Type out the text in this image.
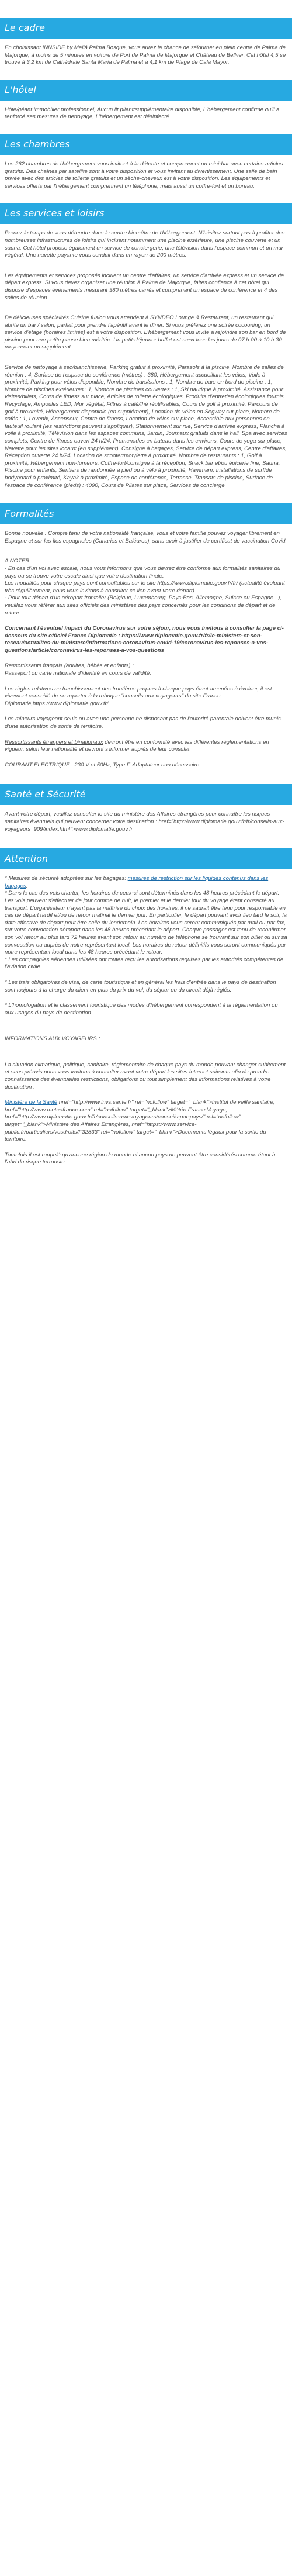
Le cadre

En choisissant INNSIDE by Meliá Palma Bosque, vous aurez la chance de séjourner en plein centre de Palma de Majorque, à moins de 5 minutes en voiture de Port de Palma de Majorque et Château de Bellver. Cet hôtel 4,5 se trouve à 3,2 km de Cathédrale Santa Maria de Palma et à 4,1 km de Plage de Cala Mayor.

L'hôtel

Hôte/géant immobilier professionnel, Aucun lit pliant/supplémentaire disponible, L'hébergement confirme qu'il a renforcé ses mesures de nettoyage, L'hébergement est désinfecté.

Les chambres

Les 262 chambres de l'hébergement vous invitent à la détente et comprennent un mini-bar avec certains articles gratuits. Des chaînes par satellite sont à votre disposition et vous invitent au divertissement. Une salle de bain privée avec des articles de toilette gratuits et un sèche-cheveux est à votre disposition. Les équipements et services offerts par l'hébergement comprennent un téléphone, mais aussi un coffre-fort et un bureau.

Les services et loisirs

Prenez le temps de vous détendre dans le centre bien-être de l'hébergement. N'hésitez surtout pas à profiter des nombreuses infrastructures de loisirs qui incluent notamment une piscine extérieure, une piscine couverte et un sauna. Cet hôtel propose également un service de conciergerie, une télévision dans l'espace commun et un mur végétal. Une navette payante vous conduit dans un rayon de 200 mètres.

Les équipements et services proposés incluent un centre d'affaires, un service d'arrivée express et un service de départ express. Si vous devez organiser une réunion à Palma de Majorque, faites confiance à cet hôtel qui dispose d'espaces événements mesurant 380 mètres carrés et comprenant un espace de conférence et 4 des salles de réunion.

De délicieuses spécialités Cuisine fusion vous attendent à SYNDEO Lounge & Restaurant, un restaurant qui abrite un bar / salon, parfait pour prendre l'apéritif avant le dîner. Si vous préférez une soirée cocooning, un service d'étage (horaires limités) est à votre disposition. L'hébergement vous invite à rejoindre son bar en bord de piscine pour une petite pause bien méritée. Un petit-déjeuner buffet est servi tous les jours de 07 h 00 à 10 h 30 moyennant un supplément.

Service de nettoyage à sec/blanchisserie, Parking gratuit à proximité, Parasols à la piscine, Nombre de salles de réunion : 4, Surface de l'espace de conférence (mètres) : 380, Hébergement accueillant les vélos, Voile à proximité, Parking pour vélos disponible, Nombre de bars/salons : 1, Nombre de bars en bord de piscine : 1, Nombre de piscines extérieures : 1, Nombre de piscines couvertes : 1, Ski nautique à proximité, Assistance pour visites/billets, Cours de fitness sur place, Articles de toilette écologiques, Produits d'entretien écologiques fournis, Recyclage, Ampoules LED, Mur végétal, Filtres à café/thé réutilisables, Cours de golf à proximité, Parcours de golf à proximité, Hébergement disponible (en supplément), Location de vélos en Segway sur place, Nombre de cafés : 1, Lovenix, Ascenseur, Centre de fitness, Location de vélos sur place, Accessible aux personnes en fauteuil roulant (les restrictions peuvent s'appliquer), Stationnement sur rue, Service d'arrivée express, Plancha à voile à proximité, Télévision dans les espaces communs, Jardin, Journaux gratuits dans le hall, Spa avec services complets, Centre de fitness ouvert 24 h/24, Promenades en bateau dans les environs, Cours de yoga sur place, Navette pour les sites locaux (en supplément), Consigne à bagages, Service de départ express, Centre d'affaires, Réception ouverte 24 h/24, Location de scooter/motylette à proximité, Nombre de restaurants : 1, Golf à proximité, Hébergement non-fumeurs, Coffre-fort/consigne à la réception, Snack bar et/ou épicerie fine, Sauna, Piscine pour enfants, Sentiers de randonnée à pied ou à vélo à proximité, Hammam, Installations de surf/de bodyboard à proximité, Kayak à proximité, Espace de conférence, Terrasse, Transats de piscine, Surface de l'espace de conférence (pieds) : 4090, Cours de Pilates sur place, Services de concierge

Formalités

Bonne nouvelle : Compte tenu de votre nationalité française, vous et votre famille pouvez voyager librement en Espagne et sur les îles espagnoles (Canaries et Baléares), sans avoir à justifier de certificat de vaccination Covid.

A NOTER

- En cas d'un vol avec escale, nous vous informons que vous devrez être conforme aux formalités sanitaires du pays où se trouve votre escale ainsi que votre destination finale.

Les modalités pour chaque pays sont consultables sur le site https://www.diplomatie.gouv.fr/fr/ (actualité évoluant très régulièrement, nous vous invitons à consulter ce lien avant votre départ).

- Pour tout départ d'un aéroport frontalier (Belgique, Luxembourg, Pays-Bas, Allemagne, Suisse ou Espagne...), veuillez vous référer aux sites officiels des ministères des pays concernés pour les conditions de départ et de retour.

Concernant l'éventuel impact du Coronavirus sur votre séjour, nous vous invitons à consulter la page ci-dessous du site officiel France Diplomatie : https://www.diplomatie.gouv.fr/fr/le-ministere-et-son-reseau/actualites-du-ministere/informations-coronavirus-covid-19/coronavirus-les-reponses-a-vos-questions/article/coronavirus-les-reponses-a-vos-questions

Ressortissants français (adultes, bébés et enfants) :

Passeport ou carte nationale d'identité en cours de validité.

Les règles relatives au franchissement des frontières propres à chaque pays étant amenées à évoluer, il est vivement conseillé de se reporter à la rubrique "conseils aux voyageurs" du site France Diplomatie,https://www.diplomatie.gouv.fr/.

Les mineurs voyageant seuls ou avec une personne ne disposant pas de l'autorité parentale doivent être munis d'une autorisation de sortie de territoire.

Ressortissants étrangers et binationaux devront être en conformité avec les différentes réglementations en vigueur, selon leur nationalité et devront s'informer auprès de leur consulat.

COURANT ELECTRIQUE : 230 V et 50Hz, Type F. Adaptateur non nécessaire.

Santé et Sécurité

Avant votre départ, veuillez consulter le site du ministère des Affaires étrangères pour connaître les risques sanitaires éventuels qui peuvent concerner votre destination : href="http://www.diplomatie.gouv.fr/fr/conseils-aux-voyageurs_909/index.html">www.diplomatie.gouv.fr

Attention

* Mesures de sécurité adoptées sur les bagages: mesures de restriction sur les liquides contenus dans les bagages.

* Dans le cas des vols charter, les horaires de ceux-ci sont déterminés dans les 48 heures précédant le départ. Les vols peuvent s'effectuer de jour comme de nuit, le premier et le dernier jour du voyage étant consacré au transport. L'organisateur n'ayant pas la maîtrise du choix des horaires, il ne saurait être tenu pour responsable en cas de départ tardif et/ou de retour matinal le dernier jour. En particulier, le départ pouvant avoir lieu tard le soir, la date effective de départ peut être celle du lendemain. Les horaires vous seront communiqués par mail ou par fax, sur votre convocation aéroport dans les 48 heures précédant le départ. Chaque passager est tenu de reconfirmer son vol retour au plus tard 72 heures avant son retour au numéro de téléphone se trouvant sur son billet ou sur sa convocation ou auprès de notre représentant local. Les horaires de retour définitifs vous seront communiqués par notre représentant local dans les 48 heures précédant le retour.

* Les compagnies aériennes utilisées ont toutes reçu les autorisations requises par les autorités compétentes de l'aviation civile.

* Les frais obligatoires de visa, de carte touristique et en général les frais d'entrée dans le pays de destination sont toujours à la charge du client en plus du prix du vol, du séjour ou du circuit déjà réglés.

* L'homologation et le classement touristique des modes d'hébergement correspondent à la réglementation ou aux usages du pays de destination.

INFORMATIONS AUX VOYAGEURS :

La situation climatique, politique, sanitaire, réglementaire de chaque pays du monde pouvant changer subitement et sans préavis nous vous invitons à consulter avant votre départ les sites Internet suivants afin de prendre connaissance des éventuelles restrictions, obligations ou tout simplement des informations relatives à votre destination :

Ministère de la Santé href="http://www.invs.sante.fr" rel="nofollow" target="_blank">Institut de veille sanitaire, href="http://www.meteofrance.com" rel="nofollow" target="_blank">Météo France Voyage, href="http://www.diplomatie.gouv.fr/fr/conseils-aux-voyageurs/conseils-par-pays/" rel="nofollow" target="_blank">Ministère des Affaires Etrangères, href="https://www.service-public.fr/particuliers/vosdroits/F32833" rel="nofollow" target="_blank">Documents légaux pour la sortie du territoire.

Toutefois il est rappelé qu'aucune région du monde ni aucun pays ne peuvent être considérés comme étant à l'abri du risque terroriste.
